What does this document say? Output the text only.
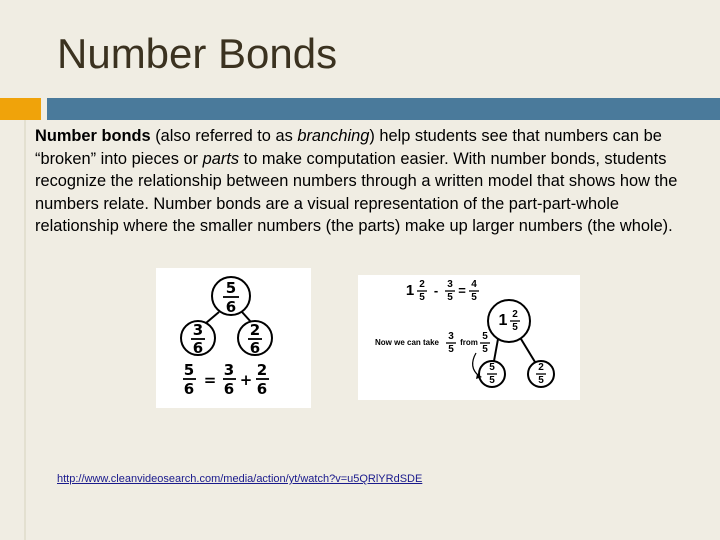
Number Bonds
Number bonds (also referred to as branching) help students see that numbers can be “broken” into pieces or parts to make computation easier. With number bonds, students recognize the relationship between numbers through a written model that shows how the numbers relate. Number bonds are a visual representation of the part-part-whole relationship where the smaller numbers (the parts) make up larger numbers (the whole).
5
6
3
6
2
6
5
6 =
3
6 +
2
6
1 2
5 - 3
5 = 4
5
Now we can take
3
5
from
5
5
1 2
5
5
5
2
5
http://www.cleanvideosearch.com/media/action/yt/watch?v=u5QRlYRdSDE
